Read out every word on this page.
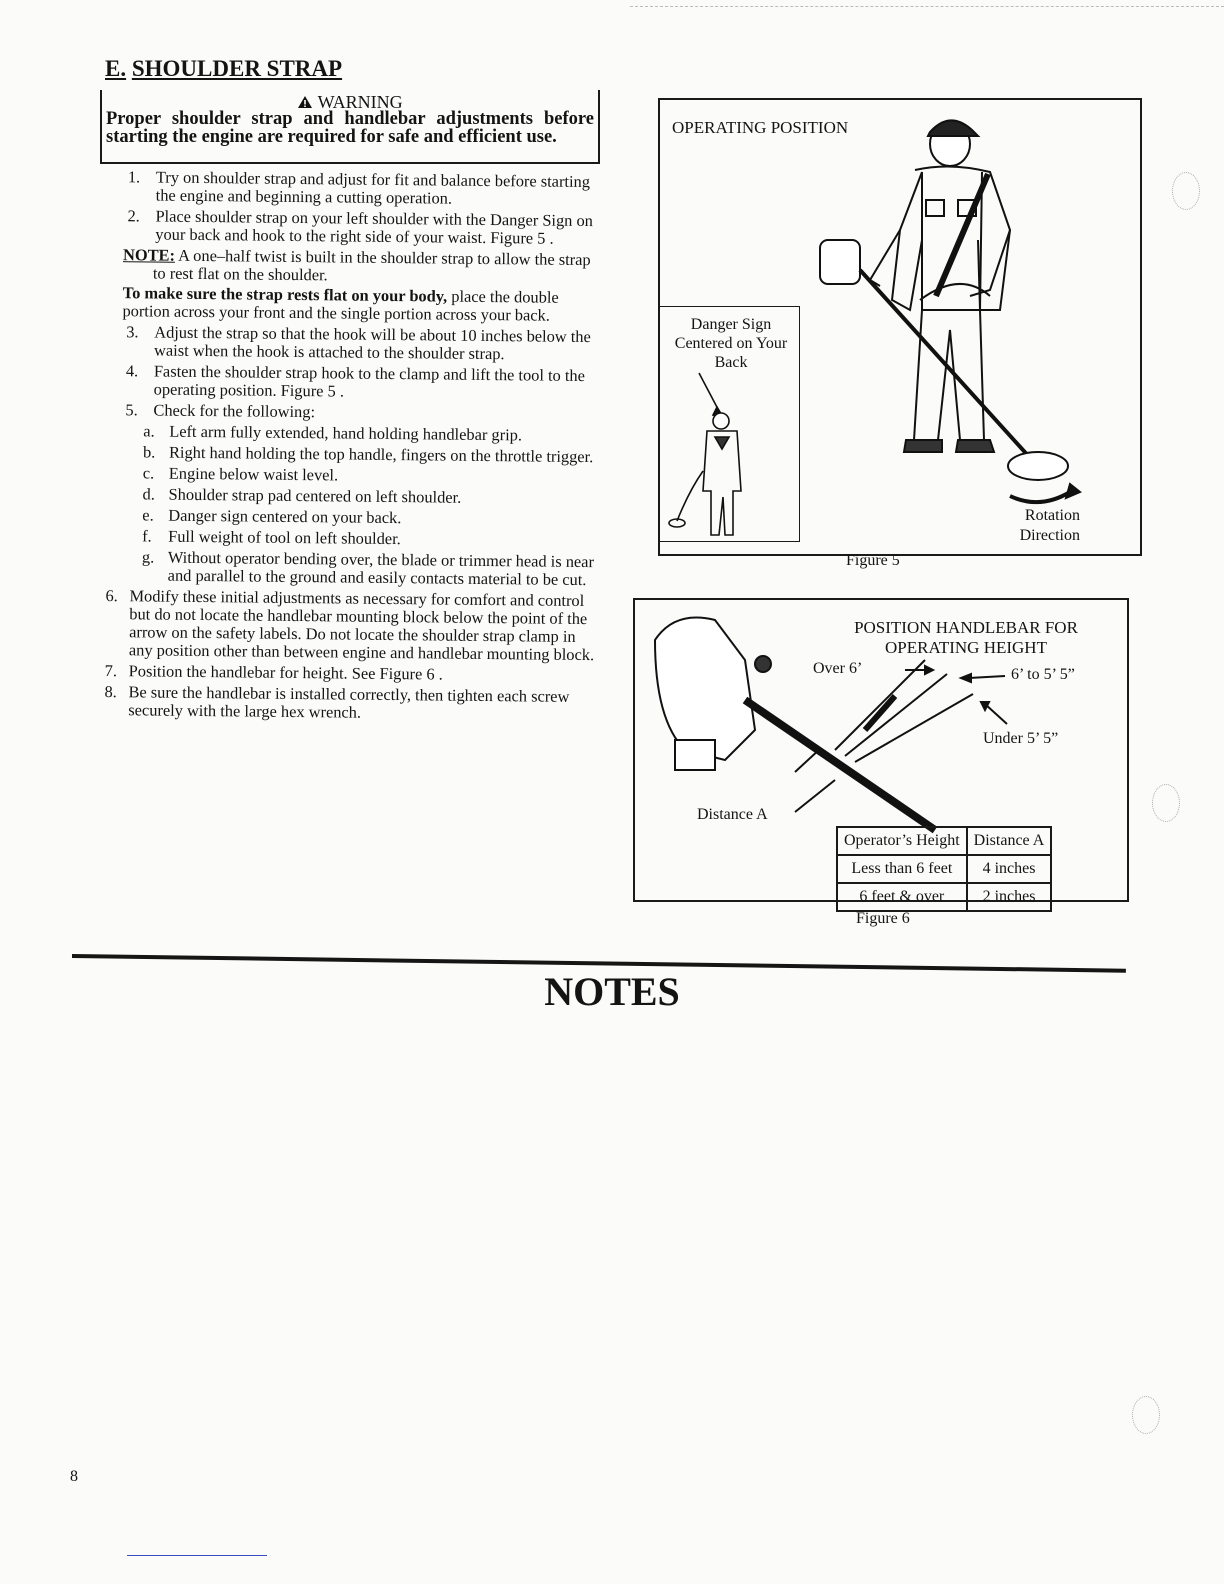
E. SHOULDER STRAP
WARNING
Proper shoulder strap and handlebar adjustments before starting the engine are required for safe and efficient use.
1. Try on shoulder strap and adjust for fit and balance before starting the engine and beginning a cutting operation.
2. Place shoulder strap on your left shoulder with the Danger Sign on your back and hook to the right side of your waist. Figure 5 .
NOTE: A one–half twist is built in the shoulder strap to allow the strap to rest flat on the shoulder.
To make sure the strap rests flat on your body, place the double portion across your front and the single portion across your back.
3. Adjust the strap so that the hook will be about 10 inches below the waist when the hook is attached to the shoulder strap.
4. Fasten the shoulder strap hook to the clamp and lift the tool to the operating position. Figure 5 .
5. Check for the following:
a. Left arm fully extended, hand holding handlebar grip.
b. Right hand holding the top handle, fingers on the throttle trigger.
c. Engine below waist level.
d. Shoulder strap pad centered on left shoulder.
e. Danger sign centered on your back.
f. Full weight of tool on left shoulder.
g. Without operator bending over, the blade or trimmer head is near and parallel to the ground and easily contacts material to be cut.
6. Modify these initial adjustments as necessary for comfort and control but do not locate the handlebar mounting block below the point of the arrow on the safety labels. Do not locate the shoulder strap clamp in any position other than between engine and handlebar mounting block.
7. Position the handlebar for height. See Figure 6 .
8. Be sure the handlebar is installed correctly, then tighten each screw securely with the large hex wrench.
OPERATING POSITION
Danger Sign Centered on Your Back
Rotation Direction
Figure 5
POSITION HANDLEBAR FOR OPERATING HEIGHT
Over 6’	6’ to 5’ 5”
Under 5’ 5”
Distance A
Operator’s Height	Distance A
Less than 6 feet	4 inches
6 feet & over	2 inches
Figure 6
NOTES
8
